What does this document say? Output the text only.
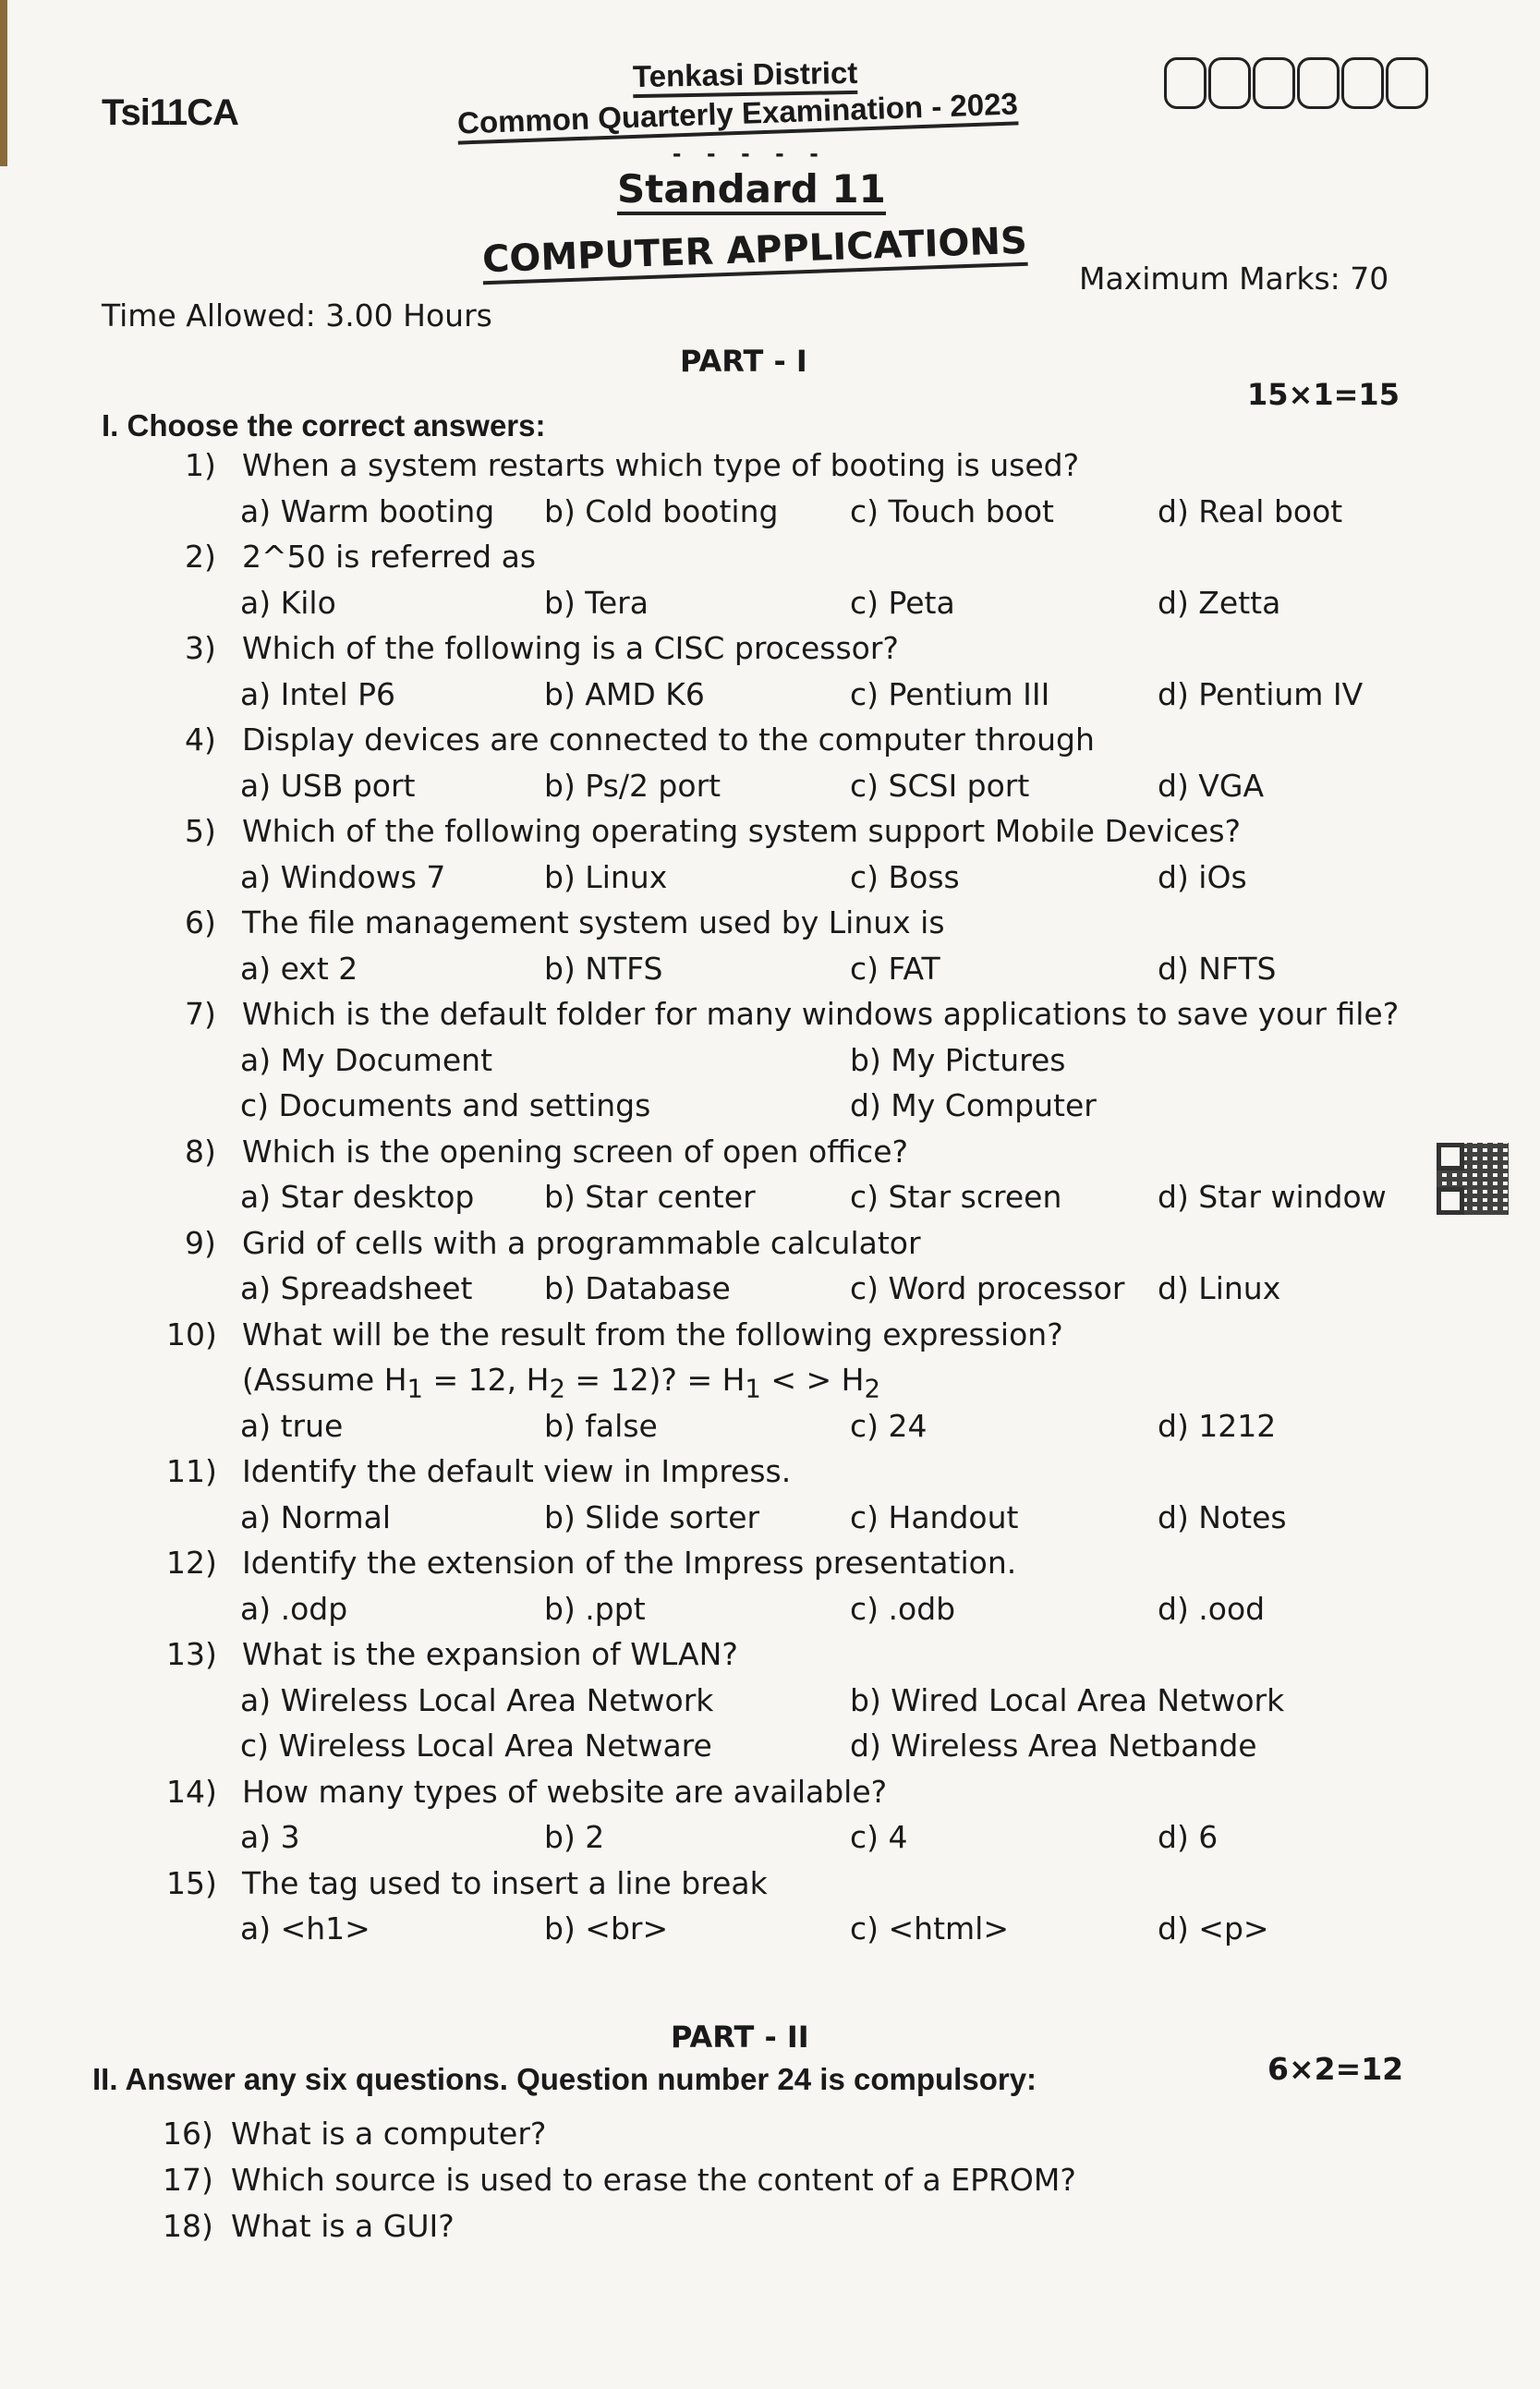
Tsi11CA
Tenkasi District
Common Quarterly Examination - 2023
- - - - -
Standard 11
COMPUTER APPLICATIONS
Time Allowed: 3.00 Hours
Maximum Marks: 70
PART - I
I. Choose the correct answers:
15×1=15
1) When a system restarts which type of booting is used?
a) Warm booting b) Cold booting c) Touch boot	d) Real boot
2) 2^50 is referred as
a) Kilo	b) Tera	c) Peta	d) Zetta
3) Which of the following is a CISC processor?
a) Intel P6	b) AMD K6	c) Pentium III	d) Pentium IV
4) Display devices are connected to the computer through
a) USB port	b) Ps/2 port	c) SCSI port	d) VGA
5) Which of the following operating system support Mobile Devices?
a) Windows 7	b) Linux	c) Boss	d) iOs
6) The file management system used by Linux is
a) ext 2	b) NTFS	c) FAT	d) NFTS
7) Which is the default folder for many windows applications to save your file?
a) My Document	b) My Pictures
c) Documents and settings	d) My Computer
8) Which is the opening screen of open office?
a) Star desktop b) Star center	c) Star screen	d) Star window
9) Grid of cells with a programmable calculator
a) Spreadsheet b) Database	c) Word processor d) Linux
10) What will be the result from the following expression?
(Assume $H_1 = 12$, $H_2 = 12$)? = $H_1$ < > $H_2$
a) true	b) false	c) 24	d) 1212
11) Identify the default view in Impress.
a) Normal	b) Slide sorter	c) Handout	d) Notes
12) Identify the extension of the Impress presentation.
a) .odp	b) .ppt	c) .odb	d) .ood
13) What is the expansion of WLAN?
a) Wireless Local Area Network	b) Wired Local Area Network
c) Wireless Local Area Netware	d) Wireless Area Netbande
14) How many types of website are available?
a) 3	b) 2	c) 4	d) 6
15) The tag used to insert a line break
a) <h1>	b) <br>	c) <html>	d) <p>
PART - II
II. Answer any six questions. Question number 24 is compulsory:	6×2=12
16) What is a computer?
17) Which source is used to erase the content of a EPROM?
18) What is a GUI?
